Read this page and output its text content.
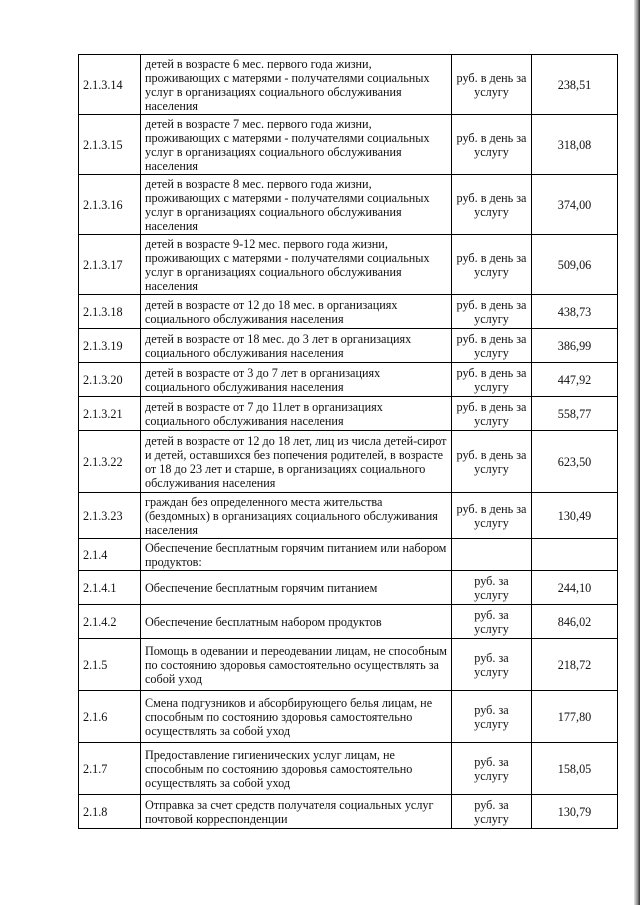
2.1.3.14	детей в возрасте 6 мес. первого года жизни, проживающих с матерями - получателями социальных услуг в организациях социального обслуживания населения	руб. в день за услугу	238,51
2.1.3.15	детей в возрасте 7 мес. первого года жизни, проживающих с матерями - получателями социальных услуг в организациях социального обслуживания населения	руб. в день за услугу	318,08
2.1.3.16	детей в возрасте 8 мес. первого года жизни, проживающих с матерями - получателями социальных услуг в организациях социального обслуживания населения	руб. в день за услугу	374,00
2.1.3.17	детей в возрасте 9-12 мес. первого года жизни, проживающих с матерями - получателями социальных услуг в организациях социального обслуживания населения	руб. в день за услугу	509,06
2.1.3.18	детей в возрасте от 12 до 18 мес. в организациях социального обслуживания населения	руб. в день за услугу	438,73
2.1.3.19	детей в возрасте от 18 мес. до 3 лет в организациях социального обслуживания населения	руб. в день за услугу	386,99
2.1.3.20	детей в возрасте от 3 до 7 лет в организациях социального обслуживания населения	руб. в день за услугу	447,92
2.1.3.21	детей в возрасте от 7 до 11лет в организациях социального обслуживания населения	руб. в день за услугу	558,77
2.1.3.22	детей в возрасте от 12 до 18 лет, лиц из числа детей-сирот и детей, оставшихся без попечения родителей, в возрасте от 18 до 23 лет и старше, в организациях социального обслуживания населения	руб. в день за услугу	623,50
2.1.3.23	граждан без определенного места жительства (бездомных) в организациях социального обслуживания населения	руб. в день за услугу	130,49
2.1.4	Обеспечение бесплатным горячим питанием или набором продуктов:		
2.1.4.1	Обеспечение бесплатным горячим питанием	руб. за услугу	244,10
2.1.4.2	Обеспечение бесплатным набором продуктов	руб. за услугу	846,02
2.1.5	Помощь в одевании и переодевании лицам, не способным по состоянию здоровья самостоятельно осуществлять за собой уход	руб. за услугу	218,72
2.1.6	Смена подгузников и абсорбирующего белья лицам, не способным по состоянию здоровья самостоятельно осуществлять за собой уход	руб. за услугу	177,80
2.1.7	Предоставление гигиенических услуг лицам, не способным по состоянию здоровья самостоятельно осуществлять за собой уход	руб. за услугу	158,05
2.1.8	Отправка за счет средств получателя социальных услуг почтовой корреспонденции	руб. за услугу	130,79
